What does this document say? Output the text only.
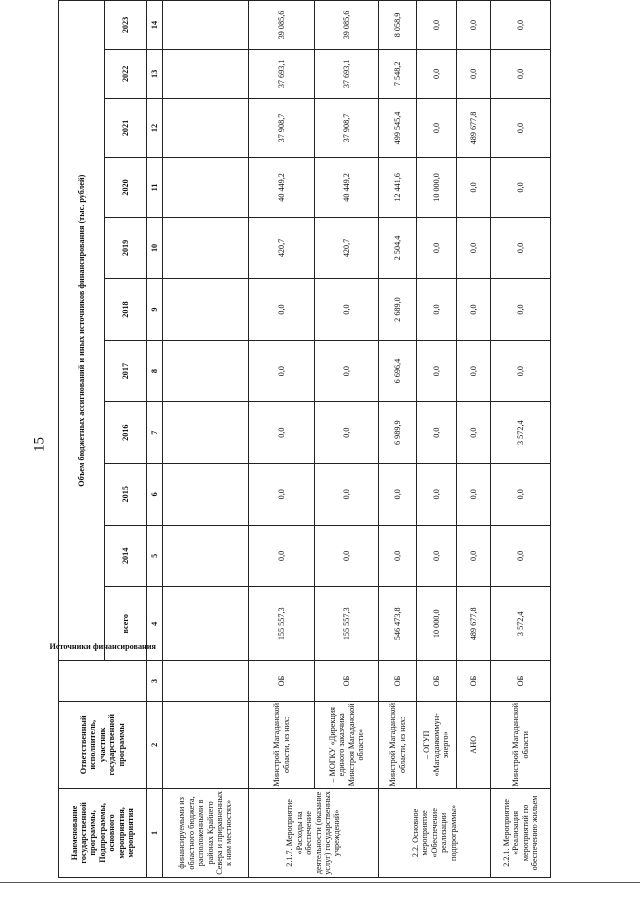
15
Наименование государственной программы, Подпрограммы, основного мероприятия, мероприятия	Ответственный исполнитель, участник государственной программы	Источники финансирования	Объем бюджетных ассигнований и иных источников финансирования (тыс. рублей)										
			всего	2014	2015	2016	2017	2018	2019	2020	2021	2022	2023
1	2	3	4	5	6	7	8	9	10	11	12	13	14
финансируемыми из областного бюджета, расположенными в районах Крайнего Севера и приравненных к ним местностях»													
2.1.7. Мероприятие «Расходы на обеспечение деятельности (оказание услуг) государственных учреждений»	Минстрой Магаданской области, из них:	ОБ	155 557,3	0,0	0,0	0,0	0,0	0,0	420,7	40 449,2	37 908,7	37 693,1	39 085,6
	– МОГКУ «Дирекция единого заказчика Минстроя Магаданской области»	ОБ	155 557,3	0,0	0,0	0,0	0,0	0,0	420,7	40 449,2	37 908,7	37 693,1	39 085,6
2.2. Основное мероприятие «Обеспечение реализации подпрограммы»	Минстрой Магаданской области, из них:	ОБ	546 473,8	0,0	0,0	6 989,9	6 696,4	2 689,0	2 504,4	12 441,6	499 545,4	7 548,2	8 058,9
	– ОГУП «Магаданкоммун-энерго»	ОБ	10 000,0	0,0	0,0	0,0	0,0	0,0	0,0	10 000,0	0,0	0,0	0,0
	АНО	ОБ	489 677,8	0,0	0,0	0,0	0,0	0,0	0,0	0,0	489 677,8	0,0	0,0
2.2.1. Мероприятие «Реализация мероприятий по обеспечению жильем	Минстрой Магаданской области	ОБ	3 572,4	0,0	0,0	3 572,4	0,0	0,0	0,0	0,0	0,0	0,0	0,0
